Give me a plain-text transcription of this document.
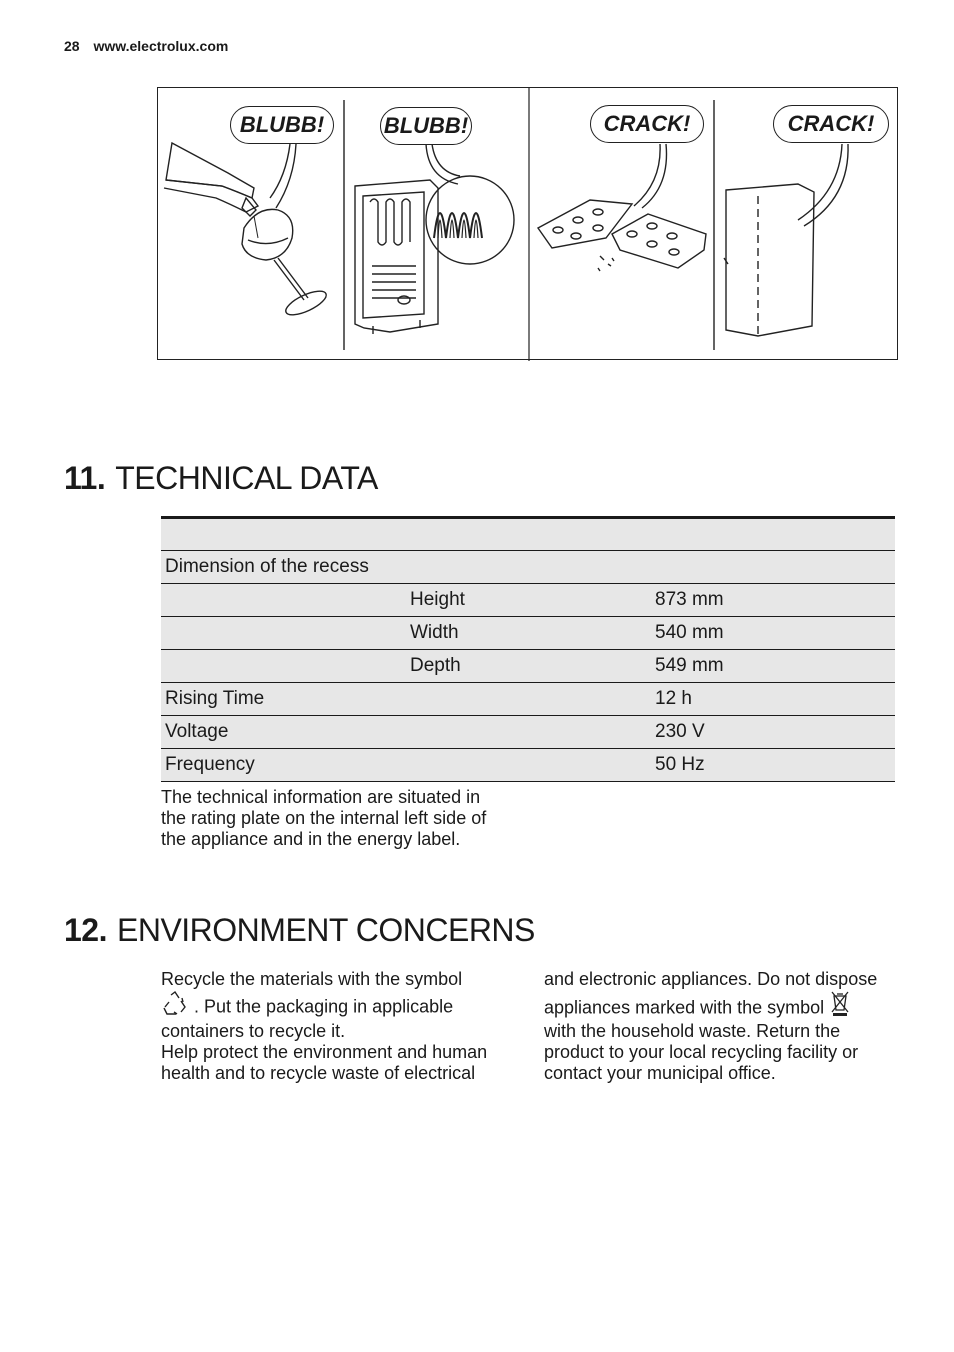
28 www.electrolux.com
BLUBB!	BLUBB!	CRACK!	CRACK!
11. TECHNICAL DATA

Dimension of the recess		
	Height	873 mm
	Width	540 mm
	Depth	549 mm
Rising Time		12 h
Voltage		230 V
Frequency		50 Hz
The technical information are situated in
the rating plate on the internal left side of
the appliance and in the energy label.
12. ENVIRONMENT CONCERNS
Recycle the materials with the symbol
. Put the packaging in applicable
containers to recycle it.
Help protect the environment and human
health and to recycle waste of electrical
and electronic appliances. Do not dispose
appliances marked with the symbol
with the household waste. Return the
product to your local recycling facility or
contact your municipal office.
